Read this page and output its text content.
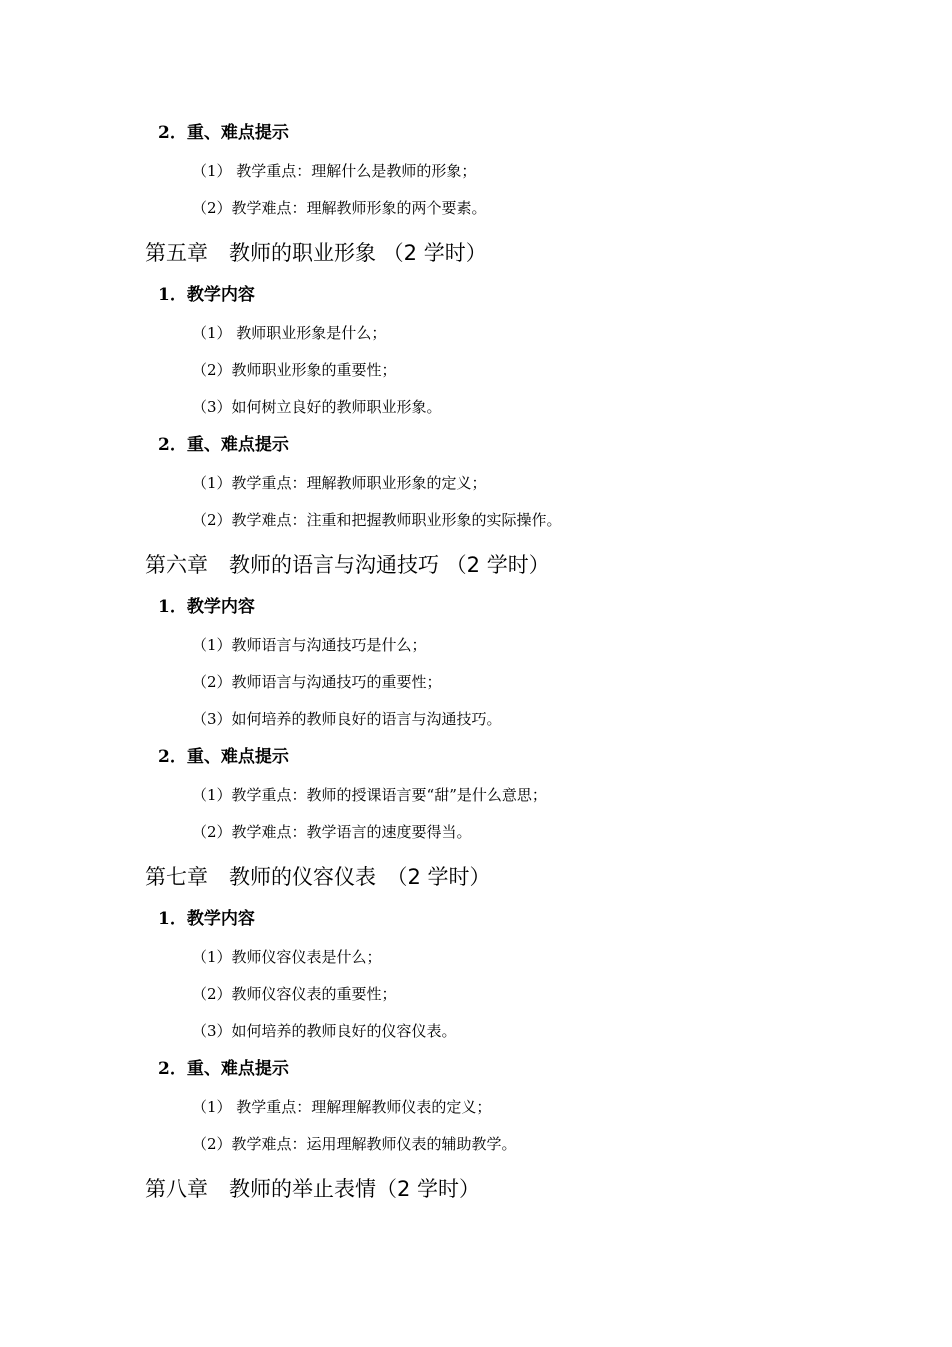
2．重、难点提示
（1） 教学重点：理解什么是教师的形象；
（2）教学难点：理解教师形象的两个要素。
第五章　教师的职业形象 （2 学时）
1．教学内容
（1） 教师职业形象是什么；
（2）教师职业形象的重要性；
（3）如何树立良好的教师职业形象。
2．重、难点提示
（1）教学重点：理解教师职业形象的定义；
（2）教学难点：注重和把握教师职业形象的实际操作。
第六章　教师的语言与沟通技巧 （2 学时）
1．教学内容
（1）教师语言与沟通技巧是什么；
（2）教师语言与沟通技巧的重要性；
（3）如何培养的教师良好的语言与沟通技巧。
2．重、难点提示
（1）教学重点：教师的授课语言要“甜”是什么意思；
（2）教学难点：教学语言的速度要得当。
第七章　教师的仪容仪表　（2 学时）
1．教学内容
（1）教师仪容仪表是什么；
（2）教师仪容仪表的重要性；
（3）如何培养的教师良好的仪容仪表。
2．重、难点提示
（1） 教学重点：理解理解教师仪表的定义；
（2）教学难点：运用理解教师仪表的辅助教学。
第八章　教师的举止表情（2 学时）
